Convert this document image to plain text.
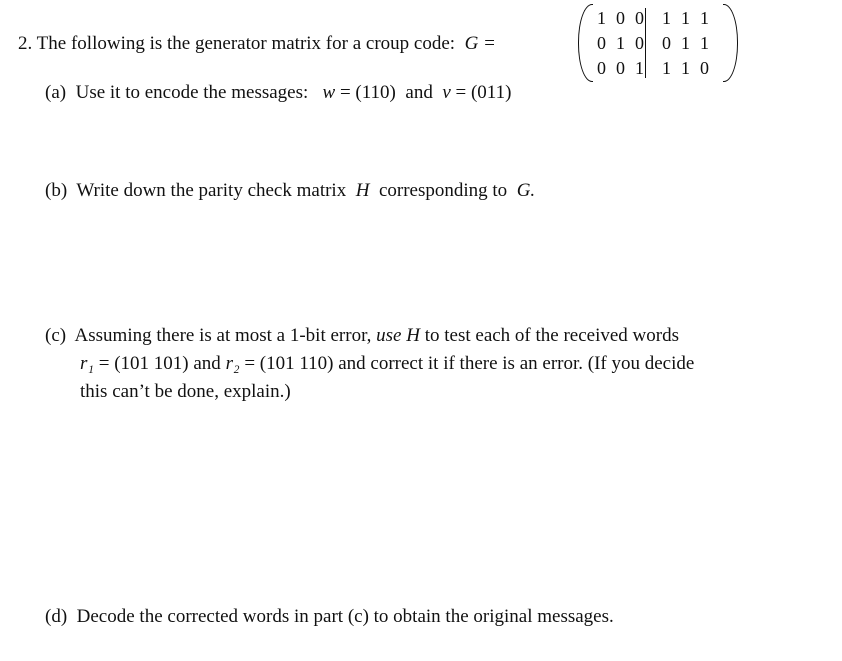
2. The following is the generator matrix for a croup code: G =
1 0 0 1 1 1
0 1 0 0 1 1
0 0 1 1 1 0
(a) Use it to encode the messages: w = (110) and v = (011)
(b) Write down the parity check matrix H corresponding to G.
(c) Assuming there is at most a 1-bit error, use H to test each of the received words
r₁ = (101 101) and r₂ = (101 110) and correct it if there is an error. (If you decide
this can’t be done, explain.)
(d) Decode the corrected words in part (c) to obtain the original messages.
